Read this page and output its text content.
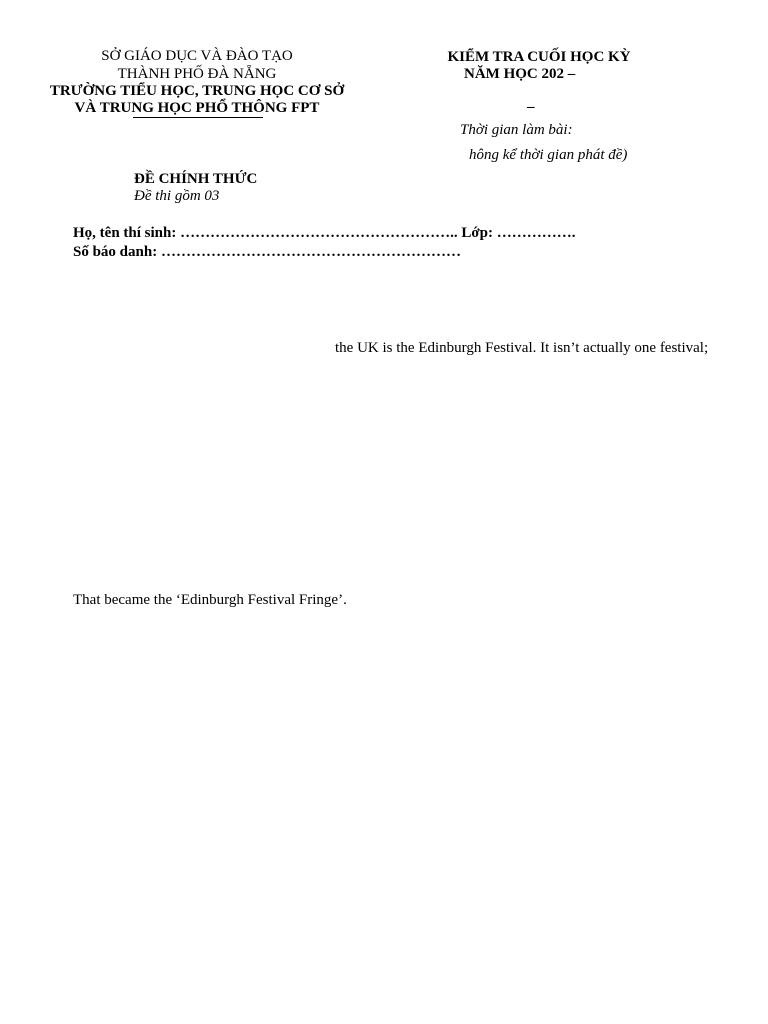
SỞ GIÁO DỤC VÀ ĐÀO TẠO
THÀNH PHỐ ĐÀ NẴNG
TRƯỜNG TIỂU HỌC, TRUNG HỌC CƠ SỞ
VÀ TRUNG HỌC PHỔ THÔNG FPT
KIỂM TRA CUỐI HỌC KỲ
NĂM HỌC 202 –
–
Thời gian làm bài:
hông kể thời gian phát đề)
ĐỀ CHÍNH THỨC
Đề thi gồm 03
Họ, tên thí sinh: ……………………………………………….. Lớp: …………….
Số báo danh: ……………………………………………………
the UK is the Edinburgh Festival. It isn’t actually one festival;
That became the ‘Edinburgh Festival Fringe’.
